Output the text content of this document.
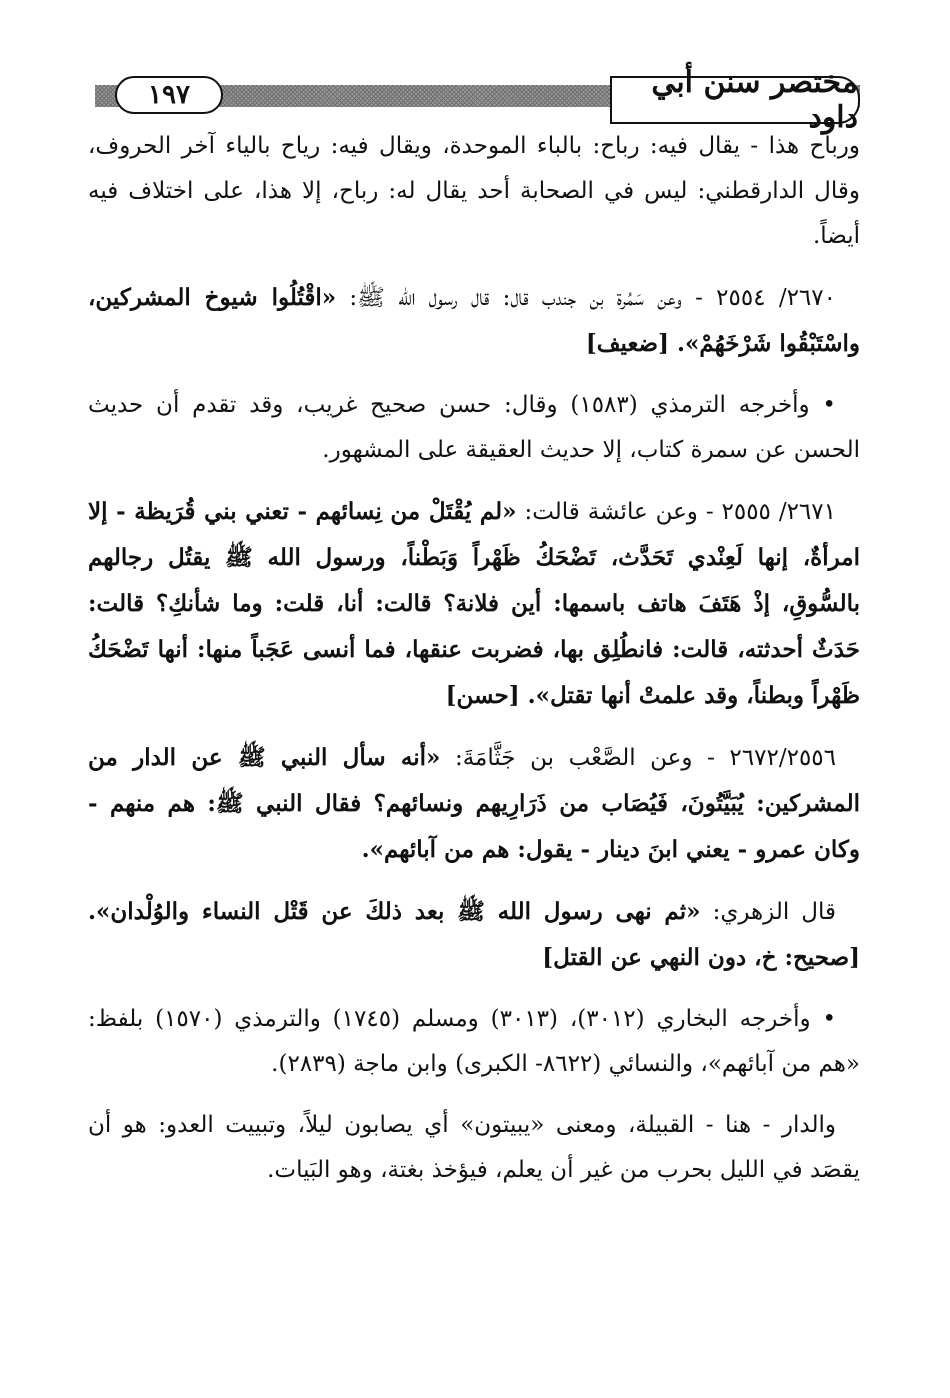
١٩٧	مختصر سنن أبي داود

ورباح هذا - يقال فيه: رباح: بالباء الموحدة، ويقال فيه: رياح بالياء آخر الحروف، وقال الدارقطني: ليس في الصحابة أحد يقال له: رباح، إلا هذا، على اختلاف فيه أيضاً.

٢٦٧٠/ ٢٥٥٤ - وعن سَمُرة بن جندب قال: قال رسول الله ﷺ: «اقْتُلُوا شيوخ المشركين، واسْتَبْقُوا شَرْخَهُمْ». [ضعيف]

• وأخرجه الترمذي (١٥٨٣) وقال: حسن صحيح غريب، وقد تقدم أن حديث الحسن عن سمرة كتاب، إلا حديث العقيقة على المشهور.

٢٦٧١/ ٢٥٥٥ - وعن عائشة قالت: «لم يُقْتَلْ من نِسائهم - تعني بني قُرَيظة - إلا امرأةٌ، إنها لَعِنْدي تَحَدَّث، تَضْحَكُ ظَهْراً وَبَطْناً، ورسول الله ﷺ يقتُل رجالهم بالسُّوقِ، إذْ هَتَفَ هاتف باسمها: أين فلانة؟ قالت: أنا، قلت: وما شأنكِ؟ قالت: حَدَثٌ أحدثته، قالت: فانطُلِق بها، فضربت عنقها، فما أنسى عَجَباً منها: أنها تَضْحَكُ ظَهْراً وبطناً، وقد علمتْ أنها تقتل». [حسن]

٢٦٧٢/٢٥٥٦ - وعن الصَّعْب بن جَثَّامَةَ: «أنه سأل النبي ﷺ عن الدار من المشركين: يُبَيَّتُونَ، فَيُصَاب من ذَرَارِيهم ونسائهم؟ فقال النبي ﷺ: هم منهم - وكان عمرو - يعني ابنَ دينار - يقول: هم من آبائهم».

قال الزهري: «ثم نهى رسول الله ﷺ بعد ذلكَ عن قَتْل النساء والوُلْدان». [صحيح: خ، دون النهي عن القتل]

• وأخرجه البخاري (٣٠١٢)، (٣٠١٣) ومسلم (١٧٤٥) والترمذي (١٥٧٠) بلفظ: «هم من آبائهم»، والنسائي (٨٦٢٢- الكبرى) وابن ماجة (٢٨٣٩).

والدار - هنا - القبيلة، ومعنى «يبيتون» أي يصابون ليلاً، وتبييت العدو: هو أن يقصَد في الليل بحرب من غير أن يعلم، فيؤخذ بغتة، وهو البَيات.
